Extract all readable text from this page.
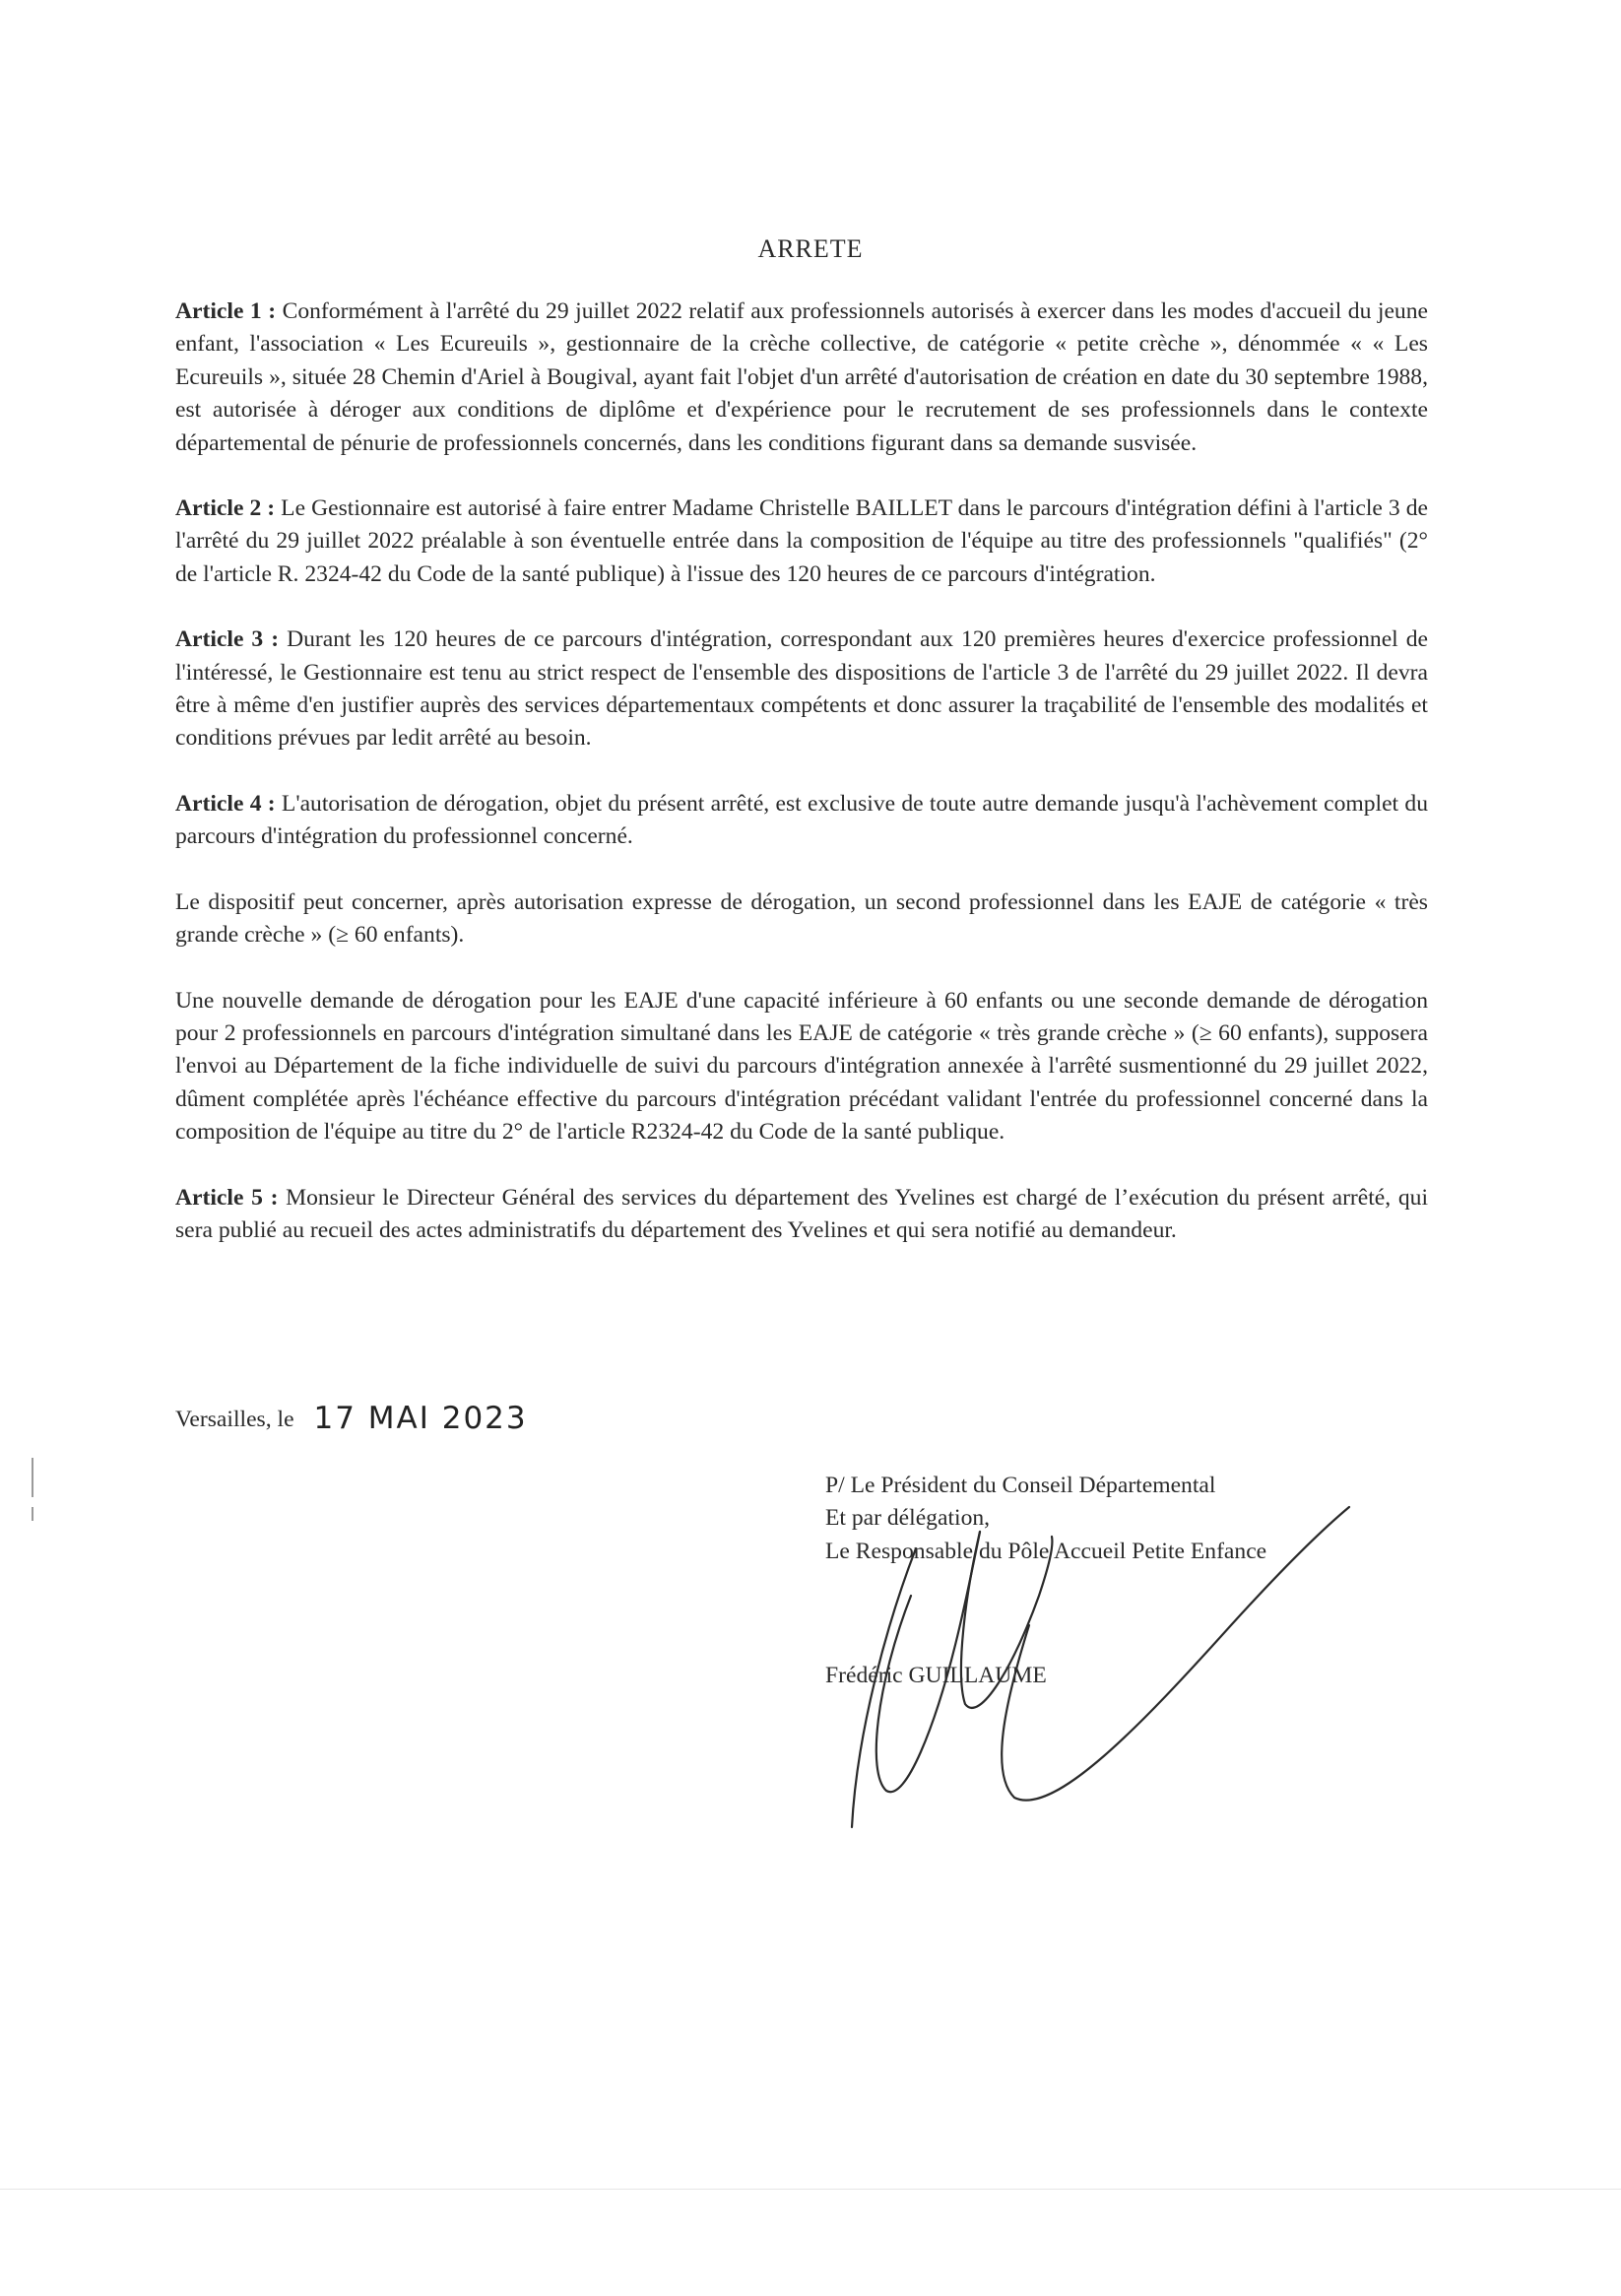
ARRETE

Article 1 : Conformément à l'arrêté du 29 juillet 2022 relatif aux professionnels autorisés à exercer dans les modes d'accueil du jeune enfant, l'association « Les Ecureuils », gestionnaire de la crèche collective, de catégorie « petite crèche », dénommée « « Les Ecureuils », située 28 Chemin d'Ariel à Bougival, ayant fait l'objet d'un arrêté d'autorisation de création en date du 30 septembre 1988, est autorisée à déroger aux conditions de diplôme et d'expérience pour le recrutement de ses professionnels dans le contexte départemental de pénurie de professionnels concernés, dans les conditions figurant dans sa demande susvisée.

Article 2 : Le Gestionnaire est autorisé à faire entrer Madame Christelle BAILLET dans le parcours d'intégration défini à l'article 3 de l'arrêté du 29 juillet 2022 préalable à son éventuelle entrée dans la composition de l'équipe au titre des professionnels "qualifiés" (2° de l'article R. 2324-42 du Code de la santé publique) à l'issue des 120 heures de ce parcours d'intégration.

Article 3 : Durant les 120 heures de ce parcours d'intégration, correspondant aux 120 premières heures d'exercice professionnel de l'intéressé, le Gestionnaire est tenu au strict respect de l'ensemble des dispositions de l'article 3 de l'arrêté du 29 juillet 2022. Il devra être à même d'en justifier auprès des services départementaux compétents et donc assurer la traçabilité de l'ensemble des modalités et conditions prévues par ledit arrêté au besoin.

Article 4 : L'autorisation de dérogation, objet du présent arrêté, est exclusive de toute autre demande jusqu'à l'achèvement complet du parcours d'intégration du professionnel concerné.

Le dispositif peut concerner, après autorisation expresse de dérogation, un second professionnel dans les EAJE de catégorie « très grande crèche » (≥ 60 enfants).

Une nouvelle demande de dérogation pour les EAJE d'une capacité inférieure à 60 enfants ou une seconde demande de dérogation pour 2 professionnels en parcours d'intégration simultané dans les EAJE de catégorie « très grande crèche » (≥ 60 enfants), supposera l'envoi au Département de la fiche individuelle de suivi du parcours d'intégration annexée à l'arrêté susmentionné du 29 juillet 2022, dûment complétée après l'échéance effective du parcours d'intégration précédant validant l'entrée du professionnel concerné dans la composition de l'équipe au titre du 2° de l'article R2324-42 du Code de la santé publique.

Article 5 : Monsieur le Directeur Général des services du département des Yvelines est chargé de l’exécution du présent arrêté, qui sera publié au recueil des actes administratifs du département des Yvelines et qui sera notifié au demandeur.

Versailles, le 17 MAI 2023
P/ Le Président du Conseil Départemental
Et par délégation,
Le Responsable du Pôle Accueil Petite Enfance
Frédéric GUILLAUME
